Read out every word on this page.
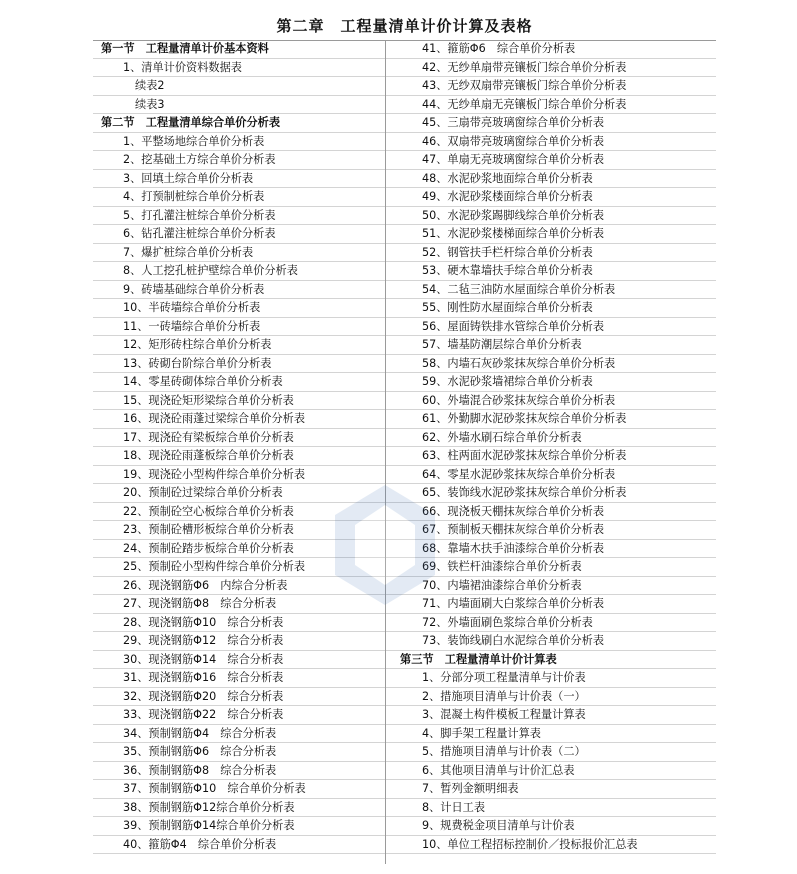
第二章　工程量清单计价计算及表格
第一节　工程量清单计价基本资料
1、清单计价资料数据表
续表2
续表3
第二节　工程量清单综合单价分析表
1、平整场地综合单价分析表
2、挖基础土方综合单价分析表
3、回填土综合单价分析表
4、打预制桩综合单价分析表
5、打孔灌注桩综合单价分析表
6、钻孔灌注桩综合单价分析表
7、爆扩桩综合单价分析表
8、人工挖孔桩护壁综合单价分析表
9、砖墙基础综合单价分析表
10、半砖墙综合单价分析表
11、一砖墙综合单价分析表
12、矩形砖柱综合单价分析表
13、砖砌台阶综合单价分析表
14、零星砖砌体综合单价分析表
15、现浇砼矩形梁综合单价分析表
16、现浇砼雨蓬过梁综合单价分析表
17、现浇砼有梁板综合单价分析表
18、现浇砼雨蓬板综合单价分析表
19、现浇砼小型构件综合单价分析表
20、预制砼过梁综合单价分析表
22、预制砼空心板综合单价分析表
23、预制砼槽形板综合单价分析表
24、预制砼踏步板综合单价分析表
25、预制砼小型构件综合单价分析表
26、现浇钢筋Φ6　内综合分析表
27、现浇钢筋Φ8　综合分析表
28、现浇钢筋Φ10　综合分析表
29、现浇钢筋Φ12　综合分析表
30、现浇钢筋Φ14　综合分析表
31、现浇钢筋Φ16　综合分析表
32、现浇钢筋Φ20　综合分析表
33、现浇钢筋Φ22　综合分析表
34、预制钢筋Φ4　综合分析表
35、预制钢筋Φ6　综合分析表
36、预制钢筋Φ8　综合分析表
37、预制钢筋Φ10　综合单价分析表
38、预制钢筋Φ12综合单价分析表
39、预制钢筋Φ14综合单价分析表
40、箍筋Φ4　综合单价分析表
41、箍筋Φ6　综合单价分析表
42、无纱单扇带亮镶板门综合单价分析表
43、无纱双扇带亮镶板门综合单价分析表
44、无纱单扇无亮镶板门综合单价分析表
45、三扇带亮玻璃窗综合单价分析表
46、双扇带亮玻璃窗综合单价分析表
47、单扇无亮玻璃窗综合单价分析表
48、水泥砂浆地面综合单价分析表
49、水泥砂浆楼面综合单价分析表
50、水泥砂浆踢脚线综合单价分析表
51、水泥砂浆楼梯面综合单价分析表
52、钢管扶手栏杆综合单价分析表
53、硬木靠墙扶手综合单价分析表
54、二毡三油防水屋面综合单价分析表
55、刚性防水屋面综合单价分析表
56、屋面铸铁排水管综合单价分析表
57、墙基防潮层综合单价分析表
58、内墙石灰砂浆抹灰综合单价分析表
59、水泥砂浆墙裙综合单价分析表
60、外墙混合砂浆抹灰综合单价分析表
61、外勤脚水泥砂浆抹灰综合单价分析表
62、外墙水刷石综合单价分析表
63、柱两面水泥砂浆抹灰综合单价分析表
64、零星水泥砂浆抹灰综合单价分析表
65、装饰线水泥砂浆抹灰综合单价分析表
66、现浇板天棚抹灰综合单价分析表
67、预制板天棚抹灰综合单价分析表
68、靠墙木扶手油漆综合单价分析表
69、铁栏杆油漆综合单价分析表
70、内墙裙油漆综合单价分析表
71、内墙面刷大白浆综合单价分析表
72、外墙面刷色浆综合单价分析表
73、装饰线刷白水泥综合单价分析表
第三节　工程量清单计价计算表
1、分部分项工程量清单与计价表
2、措施项目清单与计价表（一）
3、混凝土构件模板工程量计算表
4、脚手架工程量计算表
5、措施项目清单与计价表（二）
6、其他项目清单与计价汇总表
7、暂列金额明细表
8、计日工表
9、规费税金项目清单与计价表
10、单位工程招标控制价／投标报价汇总表
